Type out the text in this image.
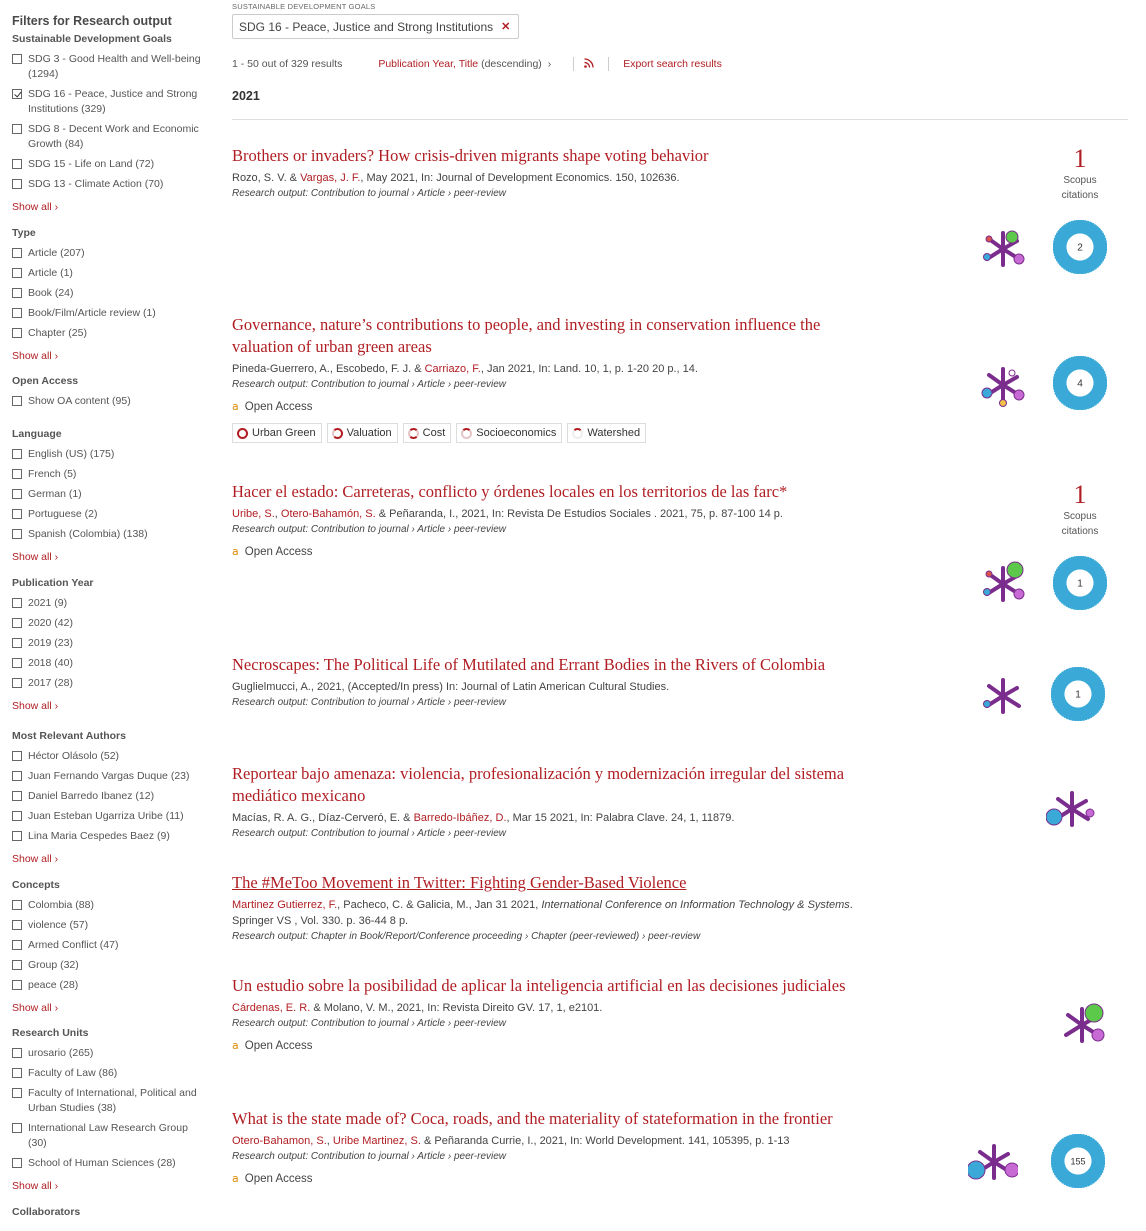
Filters for Research output
Sustainable Development Goals
SDG 3 - Good Health and Well-being (1294)
SDG 16 - Peace, Justice and Strong Institutions (329)
SDG 8 - Decent Work and Economic Growth (84)
SDG 15 - Life on Land (72)
SDG 13 - Climate Action (70)
Show all ›
Type
Article (207)
Article (1)
Book (24)
Book/Film/Article review (1)
Chapter (25)
Show all ›
Open Access
Show OA content (95)
Language
English (US) (175)
French (5)
German (1)
Portuguese (2)
Spanish (Colombia) (138)
Show all ›
Publication Year
2021 (9)
2020 (42)
2019 (23)
2018 (40)
2017 (28)
Show all ›
Most Relevant Authors
Héctor Olásolo (52)
Juan Fernando Vargas Duque (23)
Daniel Barredo Ibanez (12)
Juan Esteban Ugarriza Uribe (11)
Lina Maria Cespedes Baez (9)
Show all ›
Concepts
Colombia (88)
violence (57)
Armed Conflict (47)
Group (32)
peace (28)
Show all ›
Research Units
urosario (265)
Faculty of Law (86)
Faculty of International, Political and Urban Studies (38)
International Law Research Group (30)
School of Human Sciences (28)
Show all ›
Collaborators
SUSTAINABLE DEVELOPMENT GOALS
SDG 16 - Peace, Justice and Strong Institutions ✕
1 - 50 out of 329 results	Publication Year, Title (descending) ›	Export search results
2021
Brothers or invaders? How crisis-driven migrants shape voting behavior
Rozo, S. V. & Vargas, J. F., May 2021, In: Journal of Development Economics. 150, 102636.
Research output: Contribution to journal › Article › peer-review
Governance, nature’s contributions to people, and investing in conservation influence the valuation of urban green areas
Pineda-Guerrero, A., Escobedo, F. J. & Carriazo, F., Jan 2021, In: Land. 10, 1, p. 1-20 20 p., 14.
Research output: Contribution to journal › Article › peer-review
𝖺 Open Access
Urban Green	Valuation	Cost	Socioeconomics	Watershed
Hacer el estado: Carreteras, conflicto y órdenes locales en los territorios de las farc*
Uribe, S., Otero-Bahamón, S. & Peñaranda, I., 2021, In: Revista De Estudios Sociales . 2021, 75, p. 87-100 14 p.
Research output: Contribution to journal › Article › peer-review
𝖺 Open Access
Necroscapes: The Political Life of Mutilated and Errant Bodies in the Rivers of Colombia
Guglielmucci, A., 2021, (Accepted/In press) In: Journal of Latin American Cultural Studies.
Research output: Contribution to journal › Article › peer-review
Reportear bajo amenaza: violencia, profesionalización y modernización irregular del sistema mediático mexicano
Macías, R. A. G., Díaz-Cerveró, E. & Barredo-Ibáñez, D., Mar 15 2021, In: Palabra Clave. 24, 1, 11879.
Research output: Contribution to journal › Article › peer-review
The #MeToo Movement in Twitter: Fighting Gender-Based Violence
Martinez Gutierrez, F., Pacheco, C. & Galicia, M., Jan 31 2021, International Conference on Information Technology & Systems. Springer VS , Vol. 330. p. 36-44 8 p.
Research output: Chapter in Book/Report/Conference proceeding › Chapter (peer-reviewed) › peer-review
Un estudio sobre la posibilidad de aplicar la inteligencia artificial en las decisiones judiciales
Cárdenas, E. R. & Molano, V. M., 2021, In: Revista Direito GV. 17, 1, e2101.
Research output: Contribution to journal › Article › peer-review
𝖺 Open Access
What is the state made of? Coca, roads, and the materiality of stateformation in the frontier
Otero-Bahamon, S., Uribe Martinez, S. & Peñaranda Currie, I., 2021, In: World Development. 141, 105395, p. 1-13
Research output: Contribution to journal › Article › peer-review
𝖺 Open Access
1
Scopus citations
2
4
1
Scopus citations
1
1
155
